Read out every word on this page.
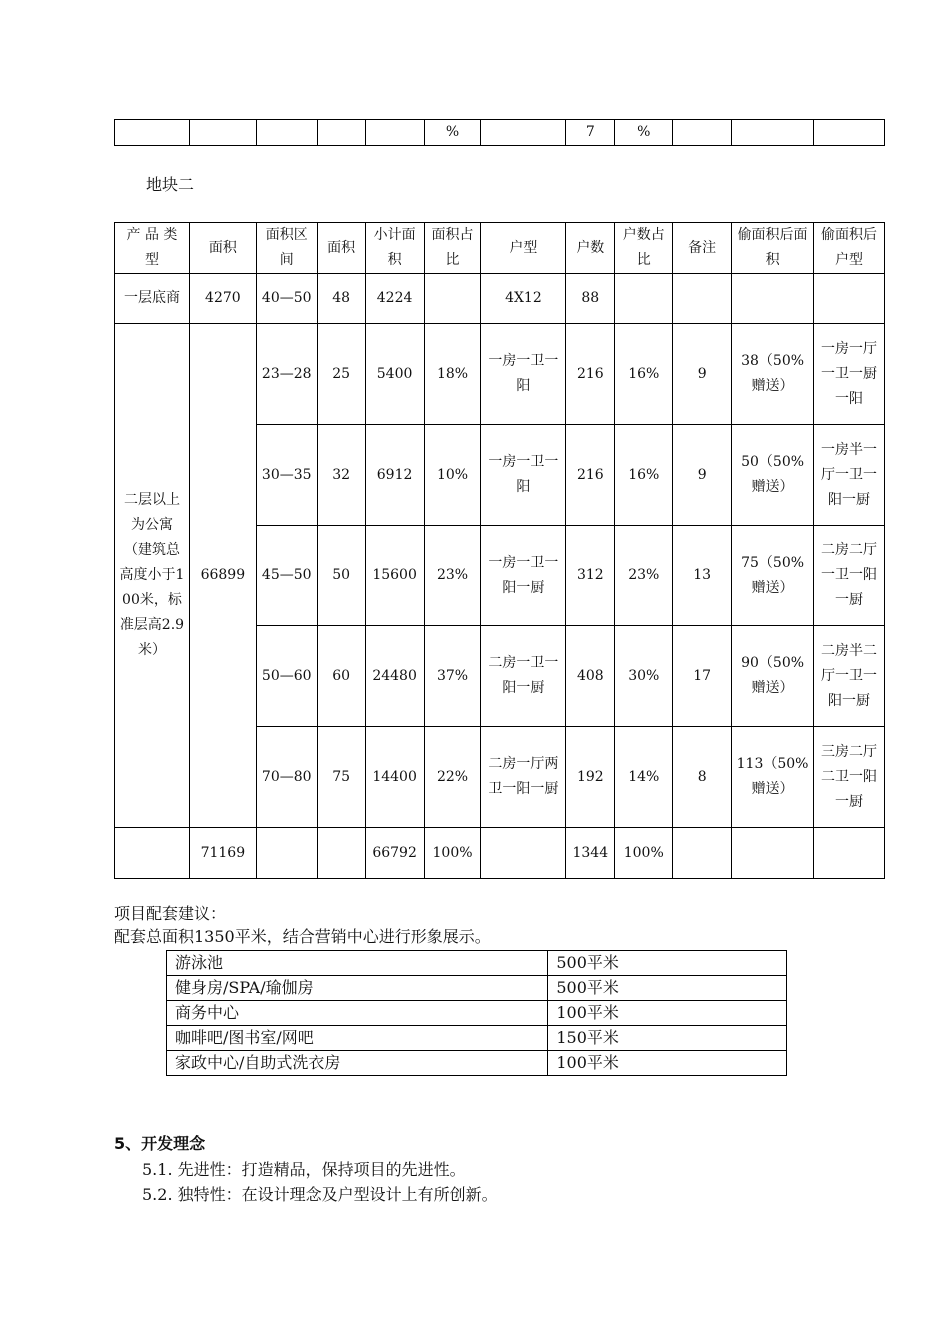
					%		7	%			
地块二
产 品 类 型	面积	面积区间	面积	小计面积	面积占比	户型	户数	户数占比	备注	偷面积后面积	偷面积后户型
一层底商	4270	40—50	48	4224		4X12	88				
二层以上为公寓（建筑总高度小于100米，标准层高2.9米）	66899	23—28	25	5400	18%	一房一卫一阳	216	16%	9	38（50%赠送）	一房一厅一卫一厨一阳
		30—35	32	6912	10%	一房一卫一阳	216	16%	9	50（50%赠送）	一房半一厅一卫一阳一厨
		45—50	50	15600	23%	一房一卫一阳一厨	312	23%	13	75（50%赠送）	二房二厅一卫一阳一厨
		50—60	60	24480	37%	二房一卫一阳一厨	408	30%	17	90（50%赠送）	二房半二厅一卫一阳一厨
		70—80	75	14400	22%	二房一厅两卫一阳一厨	192	14%	8	113（50%赠送）	三房二厅二卫一阳一厨
	71169			66792	100%		1344	100%			
项目配套建议：
配套总面积1350平米，结合营销中心进行形象展示。
游泳池	500平米
健身房/SPA/瑜伽房	500平米
商务中心	100平米
咖啡吧/图书室/网吧	150平米
家政中心/自助式洗衣房	100平米
5、开发理念
5.1. 先进性：打造精品，保持项目的先进性。
5.2. 独特性：在设计理念及户型设计上有所创新。
